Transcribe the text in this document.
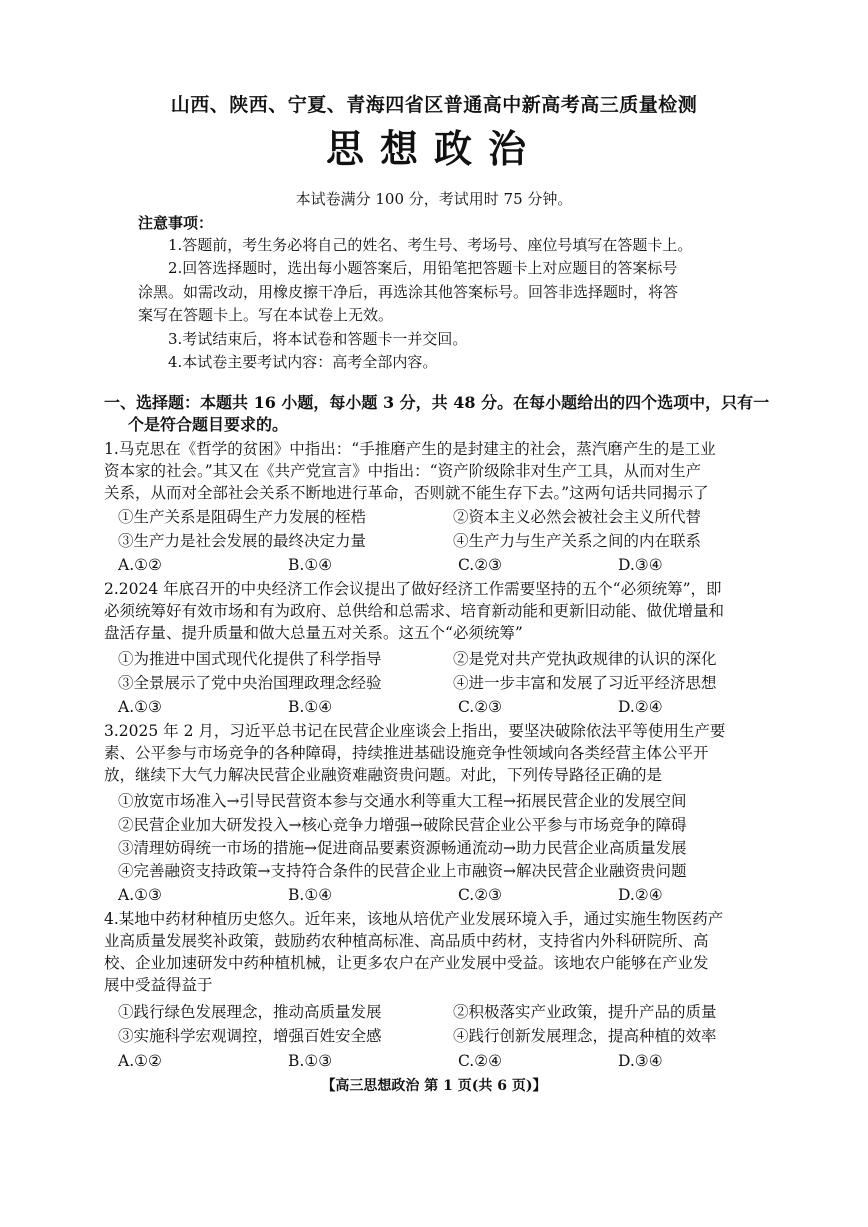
山西、陕西、宁夏、青海四省区普通高中新高考高三质量检测
思想政治
本试卷满分 100 分，考试用时 75 分钟。
注意事项：
1.答题前，考生务必将自己的姓名、考生号、考场号、座位号填写在答题卡上。
2.回答选择题时，选出每小题答案后，用铅笔把答题卡上对应题目的答案标号
涂黑。如需改动，用橡皮擦干净后，再选涂其他答案标号。回答非选择题时，将答
案写在答题卡上。写在本试卷上无效。
3.考试结束后，将本试卷和答题卡一并交回。
4.本试卷主要考试内容：高考全部内容。
一、选择题：本题共 16 小题，每小题 3 分，共 48 分。在每小题给出的四个选项中，只有一
个是符合题目要求的。
1.马克思在《哲学的贫困》中指出：“手推磨产生的是封建主的社会，蒸汽磨产生的是工业
资本家的社会。”其又在《共产党宣言》中指出：“资产阶级除非对生产工具，从而对生产
关系，从而对全部社会关系不断地进行革命，否则就不能生存下去。”这两句话共同揭示了
①生产关系是阻碍生产力发展的桎梏	②资本主义必然会被社会主义所代替
③生产力是社会发展的最终决定力量	④生产力与生产关系之间的内在联系
A.①②	B.①④	C.②③	D.③④
2.2024 年底召开的中央经济工作会议提出了做好经济工作需要坚持的五个“必须统筹”，即
必须统筹好有效市场和有为政府、总供给和总需求、培育新动能和更新旧动能、做优增量和
盘活存量、提升质量和做大总量五对关系。这五个“必须统筹”
①为推进中国式现代化提供了科学指导	②是党对共产党执政规律的认识的深化
③全景展示了党中央治国理政理念经验	④进一步丰富和发展了习近平经济思想
A.①③	B.①④	C.②③	D.②④
3.2025 年 2 月，习近平总书记在民营企业座谈会上指出，要坚决破除依法平等使用生产要
素、公平参与市场竞争的各种障碍，持续推进基础设施竞争性领域向各类经营主体公平开
放，继续下大气力解决民营企业融资难融资贵问题。对此，下列传导路径正确的是
①放宽市场准入→引导民营资本参与交通水利等重大工程→拓展民营企业的发展空间
②民营企业加大研发投入→核心竞争力增强→破除民营企业公平参与市场竞争的障碍
③清理妨碍统一市场的措施→促进商品要素资源畅通流动→助力民营企业高质量发展
④完善融资支持政策→支持符合条件的民营企业上市融资→解决民营企业融资贵问题
A.①③	B.①④	C.②③	D.②④
4.某地中药材种植历史悠久。近年来，该地从培优产业发展环境入手，通过实施生物医药产
业高质量发展奖补政策，鼓励药农种植高标准、高品质中药材，支持省内外科研院所、高
校、企业加速研发中药种植机械，让更多农户在产业发展中受益。该地农户能够在产业发
展中受益得益于
①践行绿色发展理念，推动高质量发展	②积极落实产业政策，提升产品的质量
③实施科学宏观调控，增强百姓安全感	④践行创新发展理念，提高种植的效率
A.①②	B.①③	C.②④	D.③④
【高三思想政治 第 1 页(共 6 页)】
